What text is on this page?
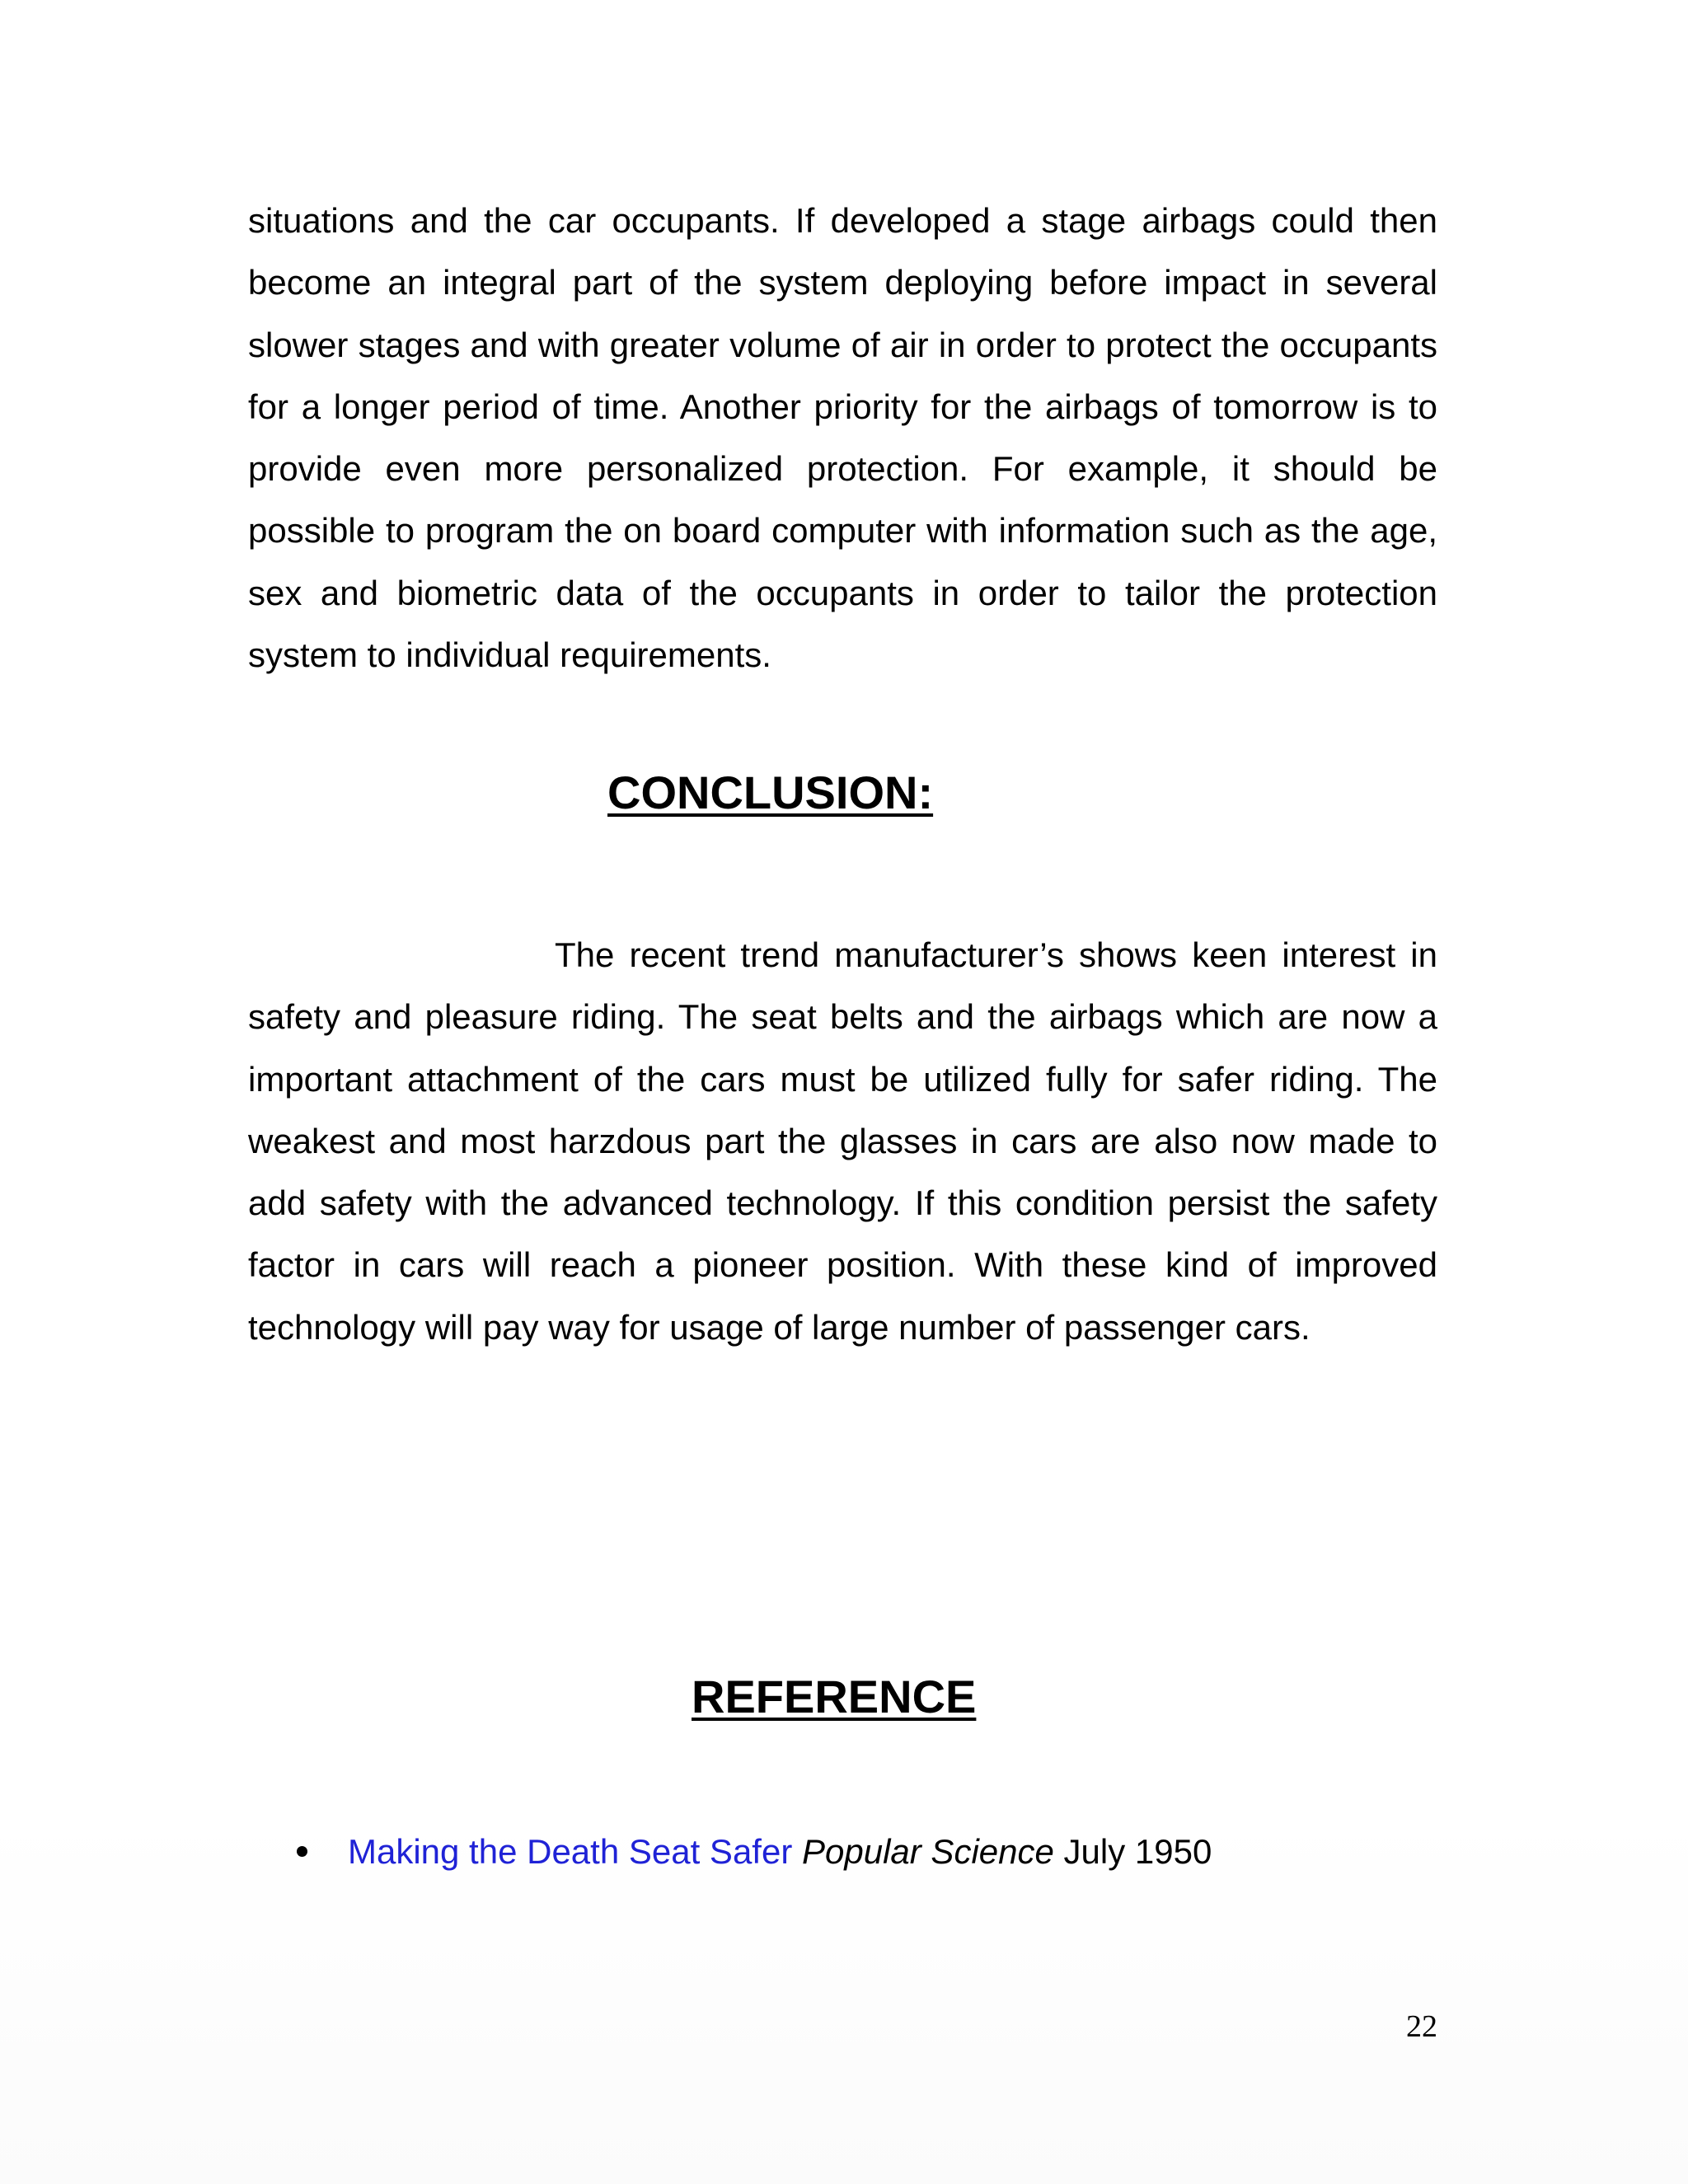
situations and the car occupants. If developed a stage airbags could then become an integral part of the system deploying before impact in several slower stages and with greater volume of air in order to protect the occupants for a longer period of time. Another priority for the airbags of tomorrow is to provide even more personalized protection. For example, it should be possible to program the on board computer with information such as the age, sex and biometric data of the occupants in order to tailor the protection system to individual requirements.

CONCLUSION:

The recent trend manufacturer’s shows keen interest in safety and pleasure riding. The seat belts and the airbags which are now a important attachment of the cars must be utilized fully for safer riding. The weakest and most harzdous part the glasses in cars are also now made to add safety with the advanced technology. If this condition persist the safety factor in cars will reach a pioneer position. With these kind of improved technology will pay way for usage of large number of passenger cars.

REFERENCE
Making the Death Seat Safer Popular Science July 1950
22
